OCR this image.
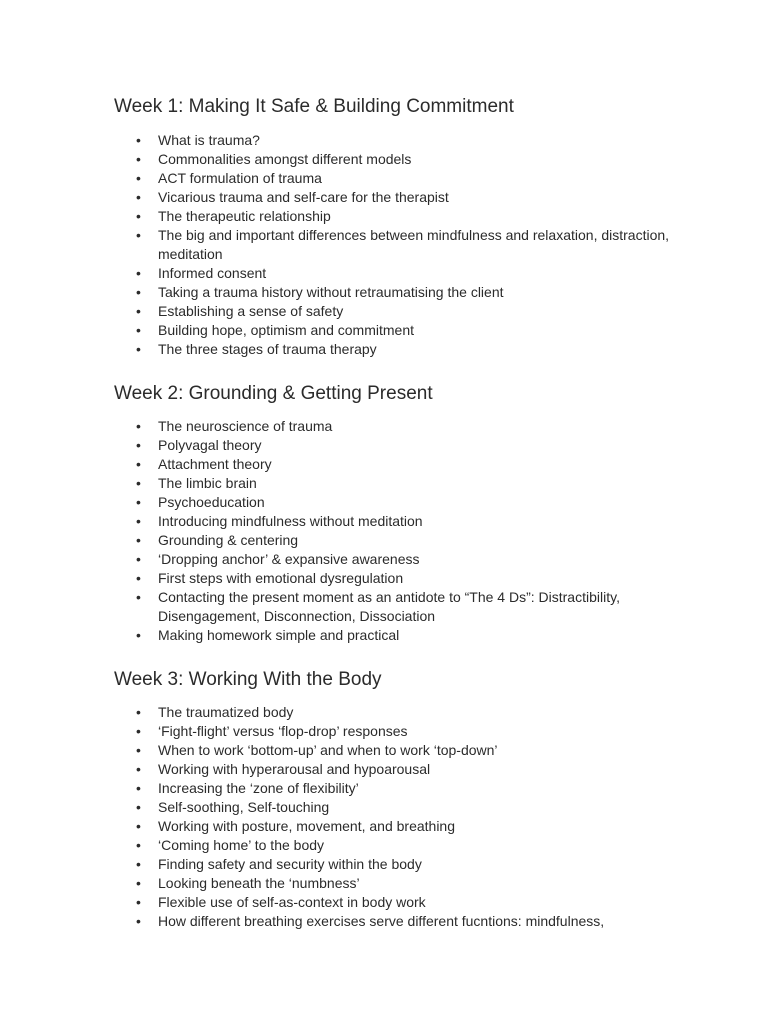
Week 1: Making It Safe & Building Commitment
• What is trauma?
• Commonalities amongst different models
• ACT formulation of trauma
• Vicarious trauma and self-care for the therapist
• The therapeutic relationship
• The big and important differences between mindfulness and relaxation, distraction, meditation
• Informed consent
• Taking a trauma history without retraumatising the client
• Establishing a sense of safety
• Building hope, optimism and commitment
• The three stages of trauma therapy
Week 2: Grounding & Getting Present
• The neuroscience of trauma
• Polyvagal theory
• Attachment theory
• The limbic brain
• Psychoeducation
• Introducing mindfulness without meditation
• Grounding & centering
• ‘Dropping anchor’ & expansive awareness
• First steps with emotional dysregulation
• Contacting the present moment as an antidote to “The 4 Ds”: Distractibility, Disengagement, Disconnection, Dissociation
• Making homework simple and practical
Week 3: Working With the Body
• The traumatized body
• ‘Fight-flight’ versus ‘flop-drop’ responses
• When to work ‘bottom-up’ and when to work ‘top-down’
• Working with hyperarousal and hypoarousal
• Increasing the ‘zone of flexibility’
• Self-soothing, Self-touching
• Working with posture, movement, and breathing
• ‘Coming home’ to the body
• Finding safety and security within the body
• Looking beneath the ‘numbness’
• Flexible use of self-as-context in body work
• How different breathing exercises serve different fucntions: mindfulness,
